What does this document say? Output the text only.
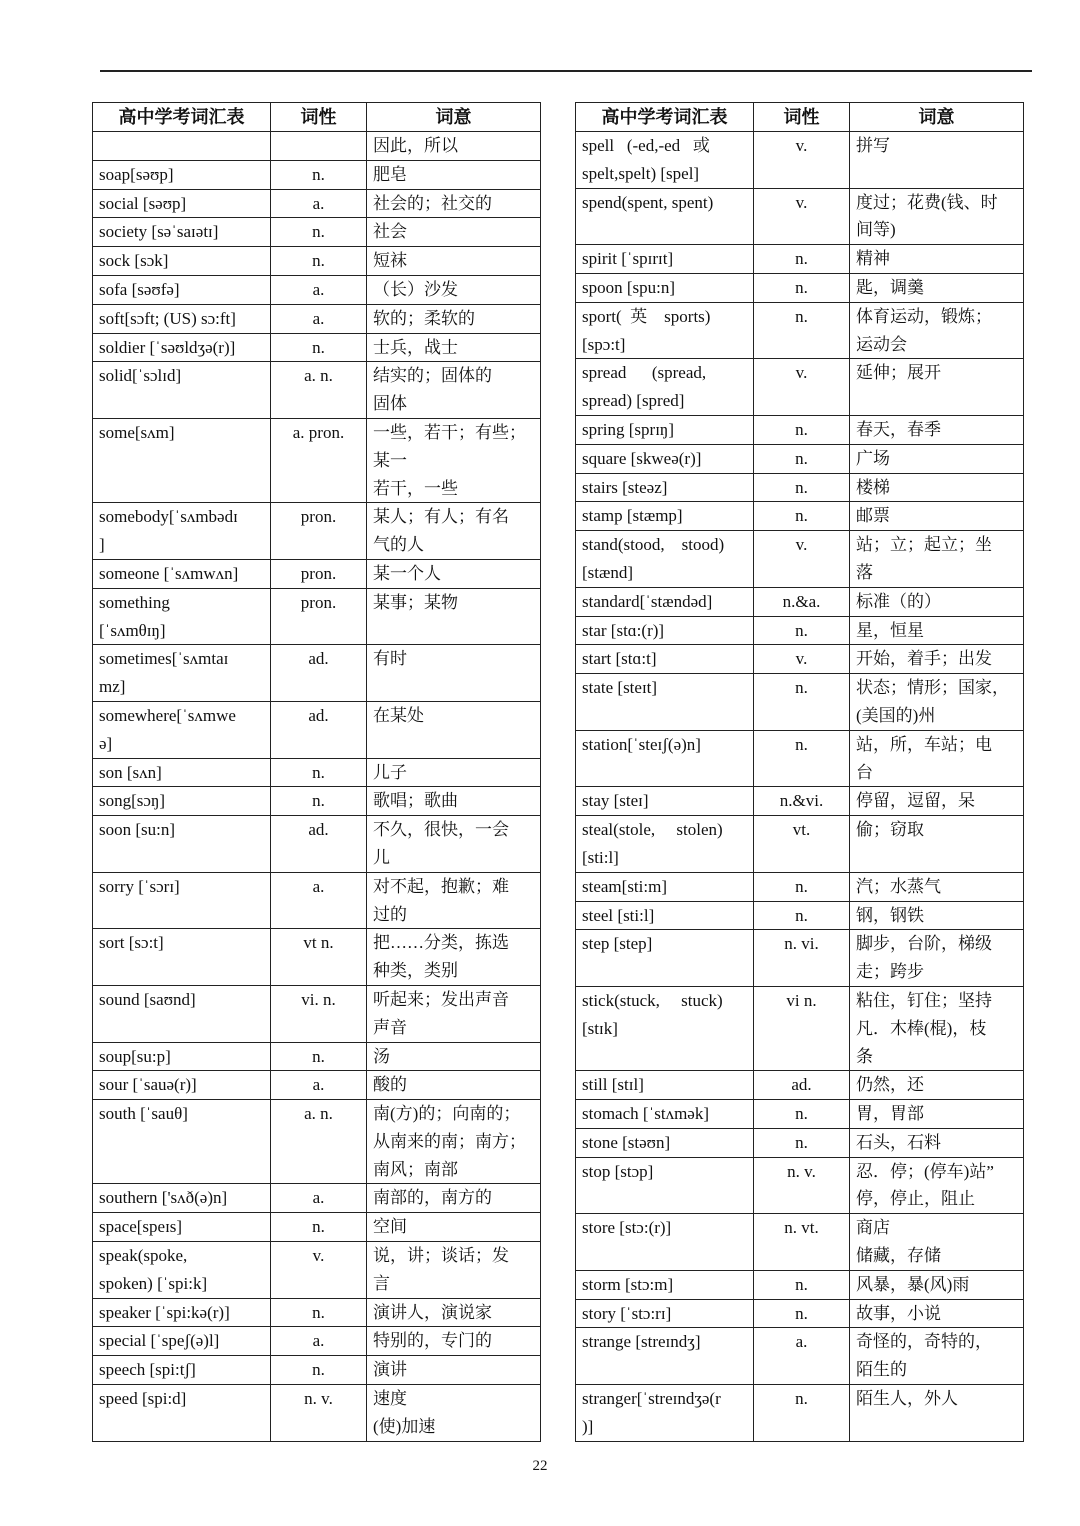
高中学考词汇表	词性	词意
		因此，所以
soap[səʊp]	n.	肥皂
social [səʊp]	a.	社会的；社交的
society [səˈsaɪətɪ]	n.	社会
sock [sɔk]	n.	短袜
sofa [səʊfə]	a.	（长）沙发
soft[sɔft; (US) sɔ:ft]	a.	软的；柔软的
soldier [ˈsəʊldʒə(r)]	n.	士兵，战士
solid[ˈsɔlɪd]	a. n.	结实的；固体的
固体
some[sʌm]	a. pron.	一些，若干；有些；
某一
若干，一些
somebody[ˈsʌmbədɪ
]	pron.	某人；有人；有名
气的人
someone [ˈsʌmwʌn]	pron.	某一个人
something
[ˈsʌmθɪŋ]	pron.	某事；某物
sometimes[ˈsʌmtaɪ
mz]	ad.	有时
somewhere[ˈsʌmwe
ə]	ad.	在某处
son [sʌn]	n.	儿子
song[sɔŋ]	n.	歌唱；歌曲
soon [su:n]	ad.	不久，很快，一会
儿
sorry [ˈsɔrɪ]	a.	对不起，抱歉；难
过的
sort [sɔ:t]	vt n.	把……分类，拣选
种类，类别
sound [saʊnd]	vi. n.	听起来；发出声音
声音
soup[su:p]	n.	汤
sour [ˈsauə(r)]	a.	酸的
south [ˈsauθ]	a. n.	南(方)的；向南的；
从南来的南；南方；
南风；南部
southern ['sʌð(ə)n]	a.	南部的，南方的
space[speɪs]	n.	空间
speak(spoke,
spoken) [ˈspi:k]	v.	说，讲；谈话；发
言
speaker [ˈspi:kə(r)]	n.	演讲人，演说家
special [ˈspeʃ(ə)l]	a.	特别的，专门的
speech [spi:tʃ]	n.	演讲
speed [spi:d]	n. v.	速度
(使)加速
高中学考词汇表	词性	词意
spell   (-ed,-ed   或
spelt,spelt) [spel]	v.	拼写
spend(spent, spent)	v.	度过；花费(钱、时
间等)
spirit [ˈspɪrɪt]	n.	精神
spoon [spu:n]	n.	匙，调羹
sport(  英    sports)
[spɔ:t]	n.	体育运动，锻炼；
运动会
spread      (spread,
spread) [spred]	v.	延伸；展开
spring [sprɪŋ]	n.	春天，春季
square [skweə(r)]	n.	广场
stairs [steəz]	n.	楼梯
stamp [stæmp]	n.	邮票
stand(stood,    stood)
[stænd]	v.	站；立；起立；坐
落
standard[ˈstændəd]	n.&a.	标准（的）
star [stɑ:(r)]	n.	星，恒星
start [stɑ:t]	v.	开始，着手；出发
state [steɪt]	n.	状态；情形；国家，
(美国的)州
station[ˈsteɪʃ(ə)n]	n.	站，所，车站；电
台
stay [steɪ]	n.&vi.	停留，逗留，呆
steal(stole,     stolen)
[sti:l]	vt.	偷；窃取
steam[sti:m]	n.	汽；水蒸气
steel [sti:l]	n.	钢，钢铁
step [step]	n. vi.	脚步，台阶，梯级
走；跨步
stick(stuck,     stuck)
[stɪk]	vi n.	粘住，钉住；坚持
凡．木棒(棍)，枝
条
still [stɪl]	ad.	仍然，还
stomach [ˈstʌmək]	n.	胃，胃部
stone [stəʊn]	n.	石头，石料
stop [stɔp]	n. v.	忍．停；(停车)站”
停，停止，阻止
store [stɔ:(r)]	n. vt.	商店
储藏，存储
storm [stɔ:m]	n.	风暴，暴(风)雨
story [ˈstɔ:rɪ]	n.	故事，小说
strange [streɪndʒ]	a.	奇怪的，奇特的，
陌生的
stranger[ˈstreɪndʒə(r
)]	n.	陌生人，外人
22
